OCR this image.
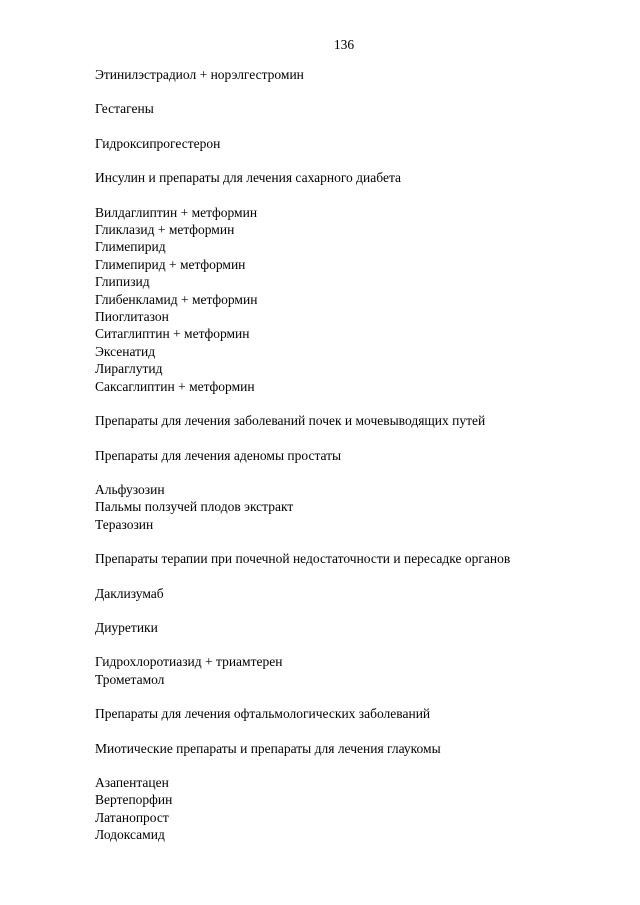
136
Этинилэстрадиол + норэлгестромин
Гестагены
Гидроксипрогестерон
Инсулин и препараты для лечения сахарного диабета
Вилдаглиптин + метформин
Гликлазид + метформин
Глимепирид
Глимепирид + метформин
Глипизид
Глибенкламид + метформин
Пиоглитазон
Ситаглиптин + метформин
Эксенатид
Лираглутид
Саксаглиптин + метформин
Препараты для лечения заболеваний почек и мочевыводящих путей
Препараты для лечения аденомы простаты
Альфузозин
Пальмы ползучей плодов экстракт
Теразозин
Препараты терапии при почечной недостаточности и пересадке органов
Даклизумаб
Диуретики
Гидрохлоротиазид + триамтерен
Трометамол
Препараты для лечения офтальмологических заболеваний
Миотические препараты и препараты для лечения глаукомы
Азапентацен
Вертепорфин
Латанопрост
Лодоксамид
